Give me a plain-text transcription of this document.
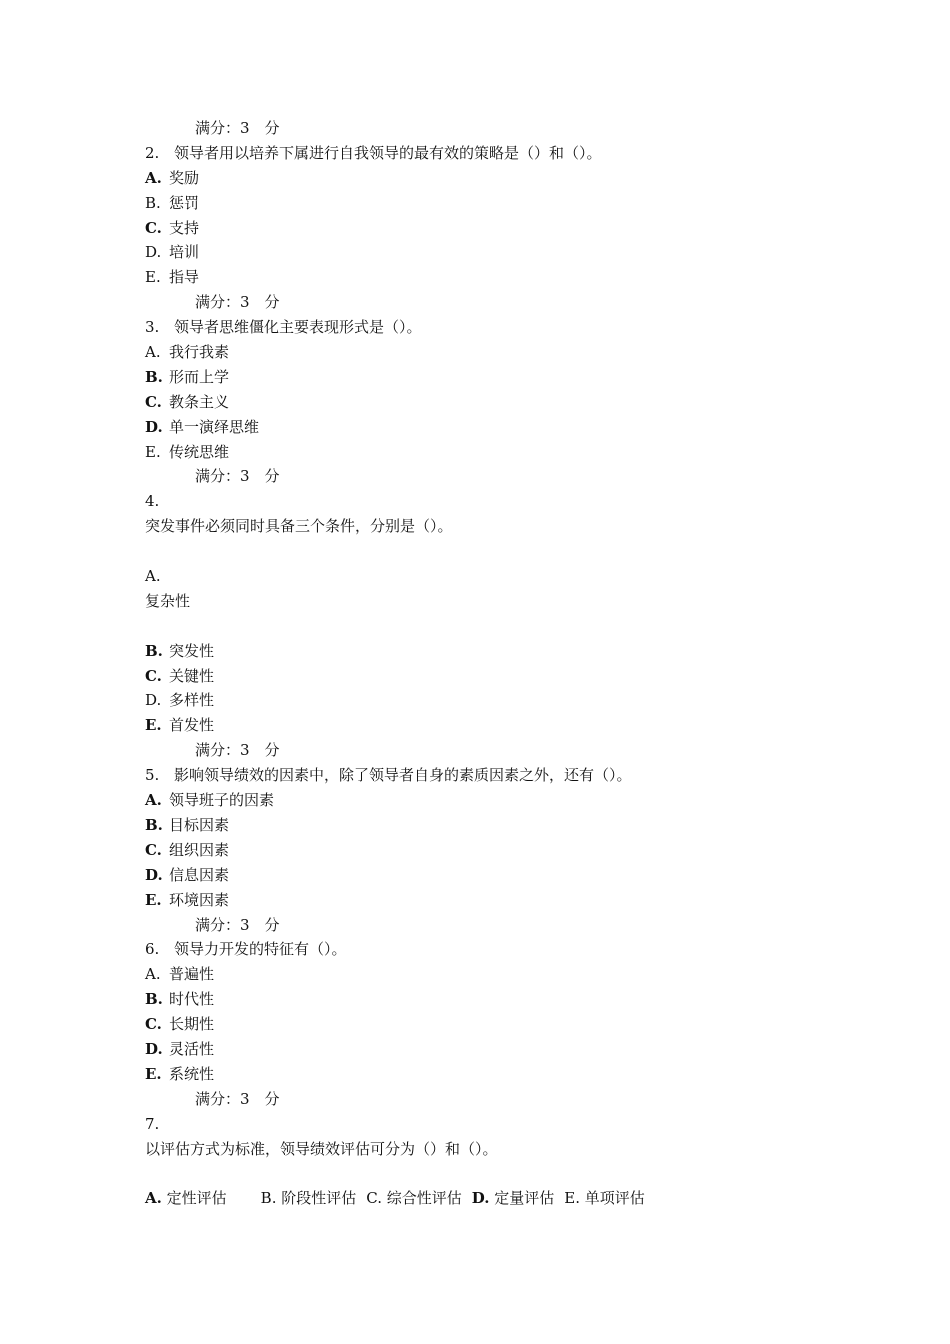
满分：3　分
2. 领导者用以培养下属进行自我领导的最有效的策略是（）和（）。
A. 奖励
B. 惩罚
C. 支持
D. 培训
E. 指导
满分：3　分
3. 领导者思维僵化主要表现形式是（）。
A. 我行我素
B. 形而上学
C. 教条主义
D. 单一演绎思维
E. 传统思维
满分：3　分
4.
突发事件必须同时具备三个条件，分别是（）。
A.
复杂性
B. 突发性
C. 关键性
D. 多样性
E. 首发性
满分：3　分
5. 影响领导绩效的因素中，除了领导者自身的素质因素之外，还有（）。
A. 领导班子的因素
B. 目标因素
C. 组织因素
D. 信息因素
E. 环境因素
满分：3　分
6. 领导力开发的特征有（）。
A. 普遍性
B. 时代性
C. 长期性
D. 灵活性
E. 系统性
满分：3　分
7.
以评估方式为标准，领导绩效评估可分为（）和（）。
A. 定性评估 B. 阶段性评估 C. 综合性评估 D. 定量评估 E. 单项评估
